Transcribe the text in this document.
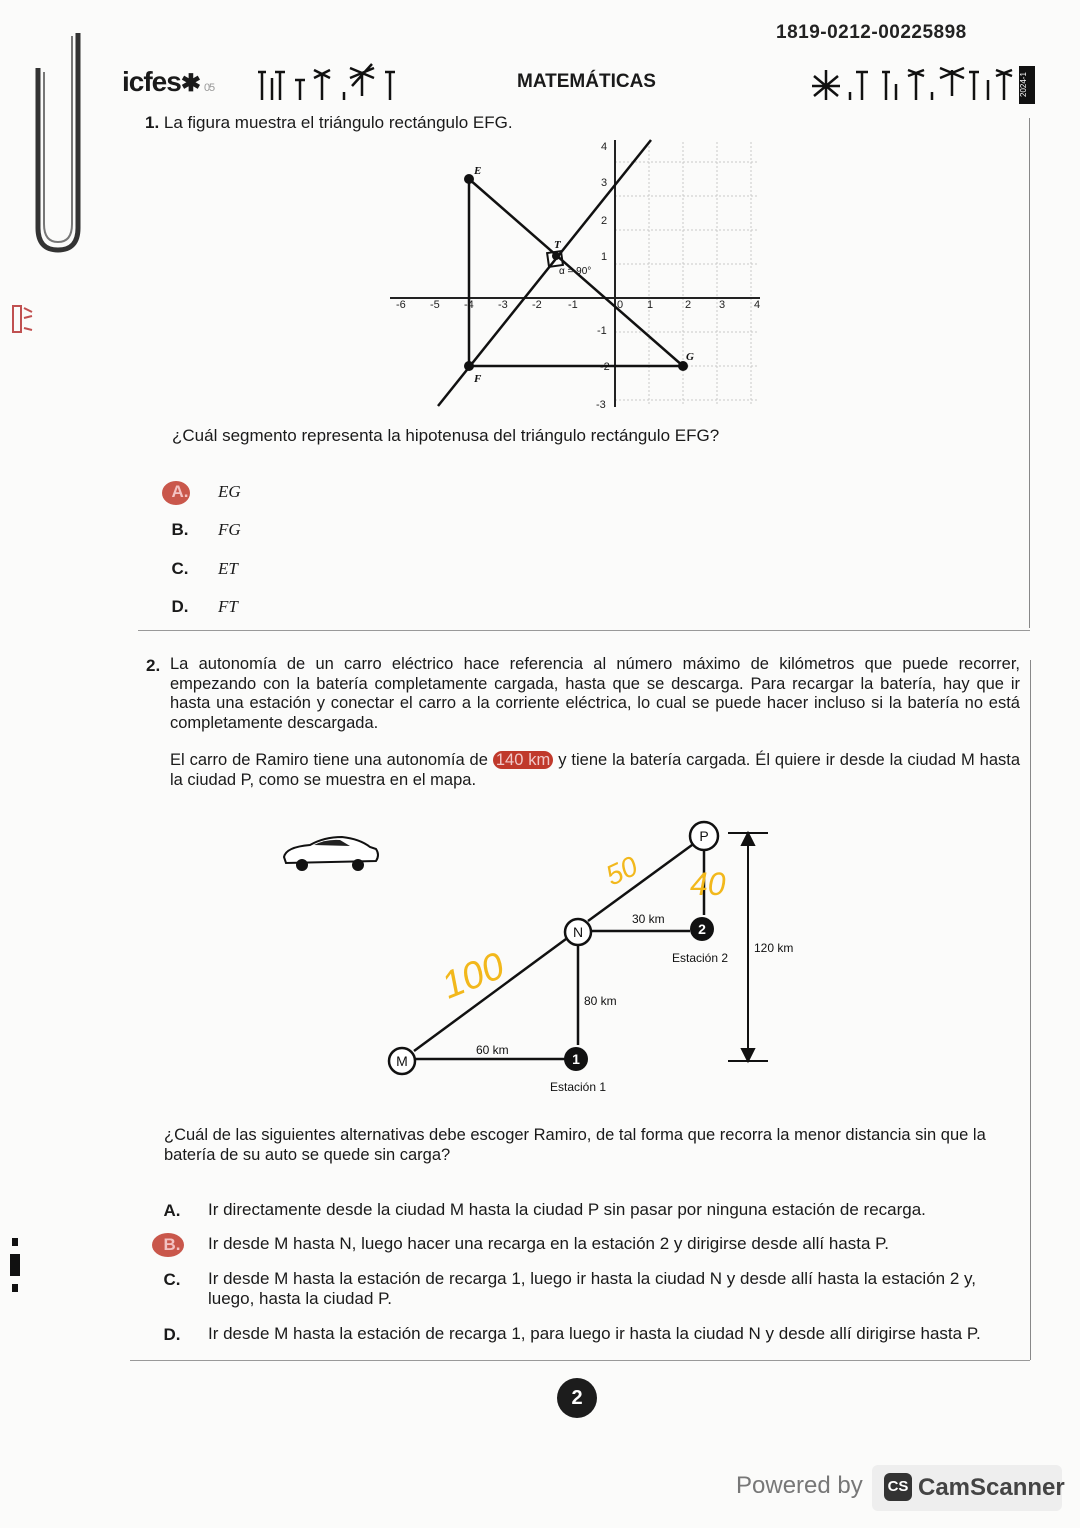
1819-0212-00225898
icfes✱ 05	MATEMÁTICAS	2024-1
1. La figura muestra el triángulo rectángulo EFG.
-6 -5 -4 -3 -2 -1	0 1	2	3	4
4
3
2
1
-1
-2
-3
E
F
G
T
α = 90°
¿Cuál segmento representa la hipotenusa del triángulo rectángulo EFG?
A.	EG
B.	FG
C.	ET
D.	FT
2. La autonomía de un carro eléctrico hace referencia al número máximo de kilómetros que puede recorrer, empezando con la batería completamente cargada, hasta que se descarga. Para recargar la batería, hay que ir hasta una estación y conectar el carro a la corriente eléctrica, lo cual se puede hacer incluso si la batería no está completamente descargada.
El carro de Ramiro tiene una autonomía de 140 km y tiene la batería cargada. Él quiere ir desde la ciudad M hasta la ciudad P, como se muestra en el mapa.
M
N
P
1
2
Estación 1
Estación 2
60 km
80 km
30 km
120 km
100
50 40
¿Cuál de las siguientes alternativas debe escoger Ramiro, de tal forma que recorra la menor distancia sin que la batería de su auto se quede sin carga?
A.	Ir directamente desde la ciudad M hasta la ciudad P sin pasar por ninguna estación de recarga.
B.	Ir desde M hasta N, luego hacer una recarga en la estación 2 y dirigirse desde allí hasta P.
C.	Ir desde M hasta la estación de recarga 1, luego ir hasta la ciudad N y desde allí hasta la estación 2 y, luego, hasta la ciudad P.
D.	Ir desde M hasta la estación de recarga 1, para luego ir hasta la ciudad N y desde allí dirigirse hasta P.
2
Powered by CS CamScanner
